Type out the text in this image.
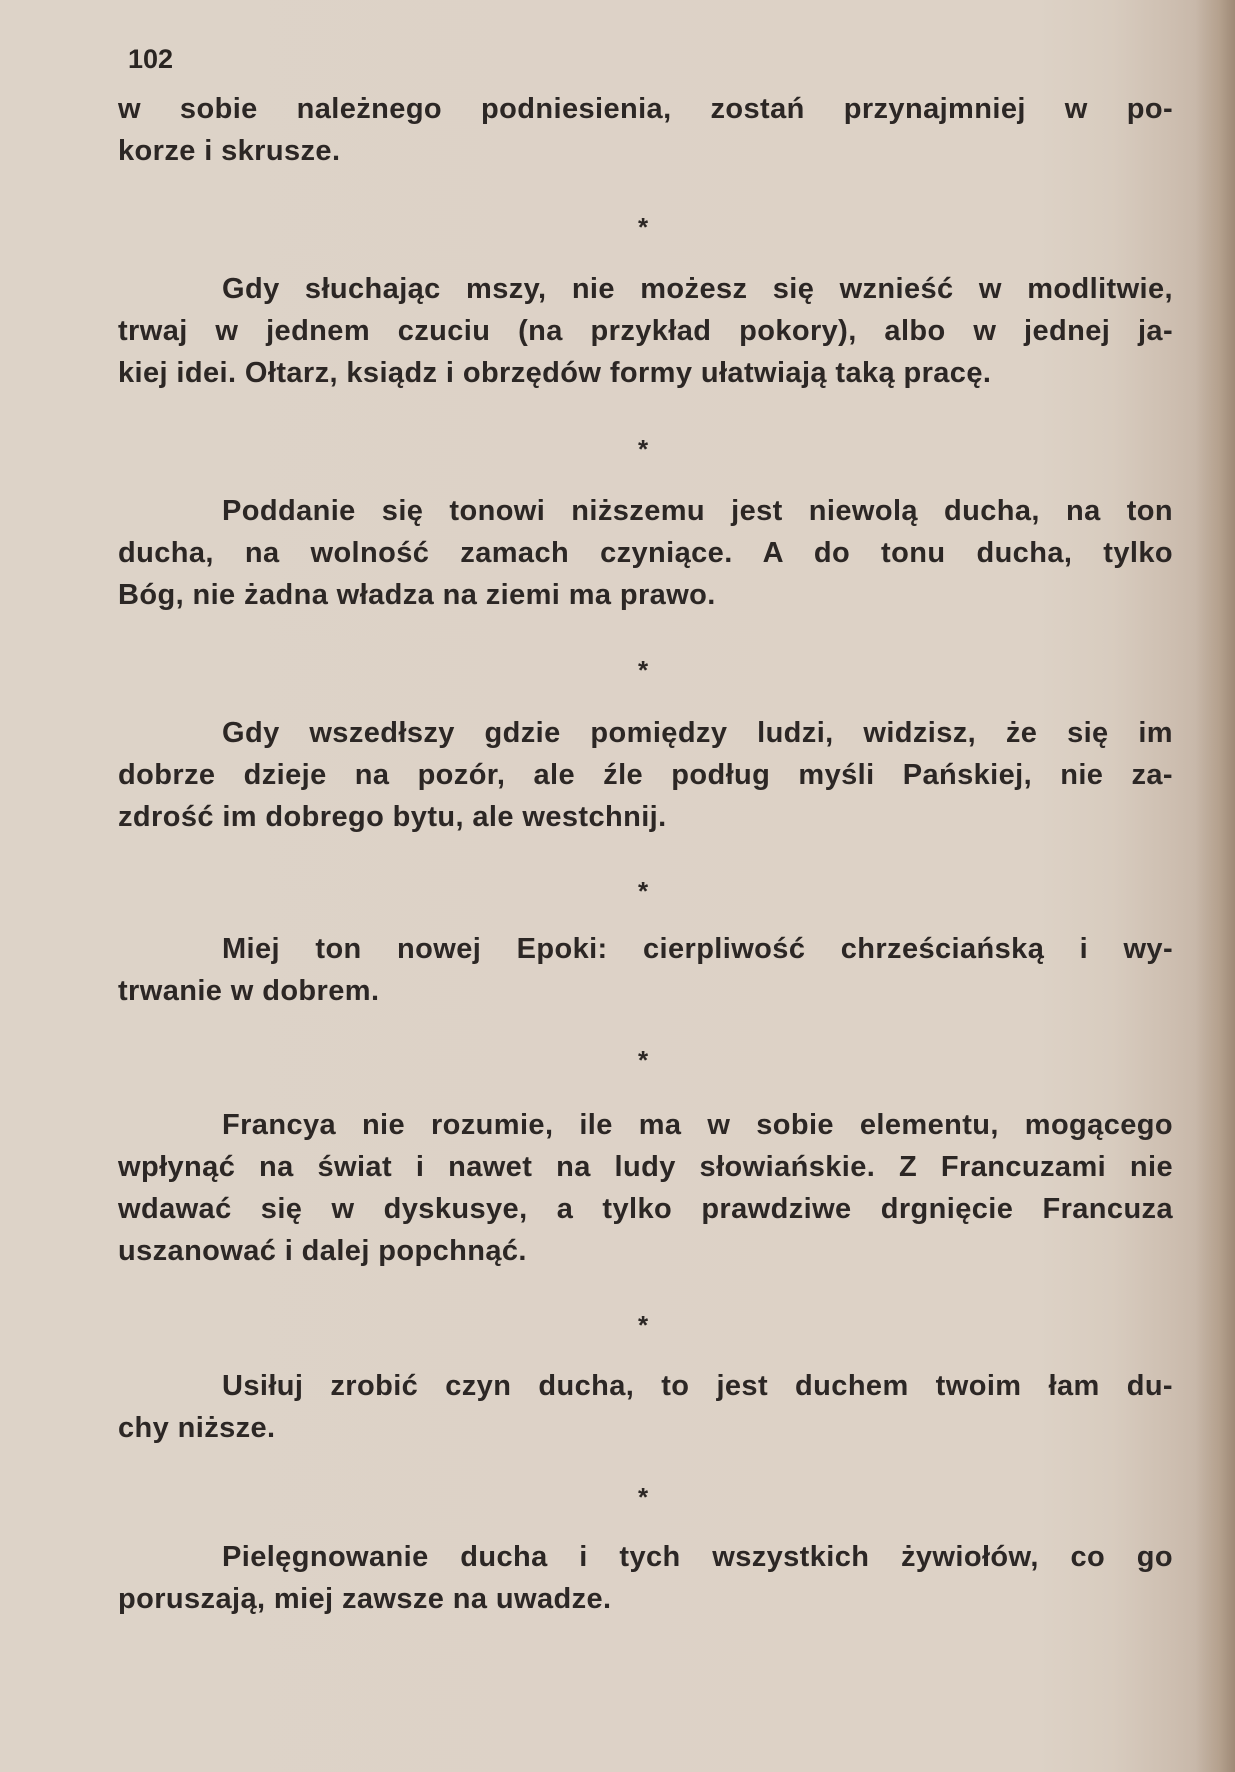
102
w sobie należnego podniesienia, zostań przynajmniej w po-
korze i skrusze.
*
Gdy słuchając mszy, nie możesz się wznieść w modlitwie,
trwaj w jednem czuciu (na przykład pokory), albo w jednej ja-
kiej idei. Ołtarz, ksiądz i obrzędów formy ułatwiają taką pracę.
*
Poddanie się tonowi niższemu jest niewolą ducha, na ton
ducha, na wolność zamach czyniące. A do tonu ducha, tylko
Bóg, nie żadna władza na ziemi ma prawo.
*
Gdy wszedłszy gdzie pomiędzy ludzi, widzisz, że się im
dobrze dzieje na pozór, ale źle podług myśli Pańskiej, nie za-
zdrość im dobrego bytu, ale westchnij.
*
Miej ton nowej Epoki: cierpliwość chrześciańską i wy-
trwanie w dobrem.
*
Francya nie rozumie, ile ma w sobie elementu, mogącego
wpłynąć na świat i nawet na ludy słowiańskie. Z Francuzami nie
wdawać się w dyskusye, a tylko prawdziwe drgnięcie Francuza
uszanować i dalej popchnąć.
*
Usiłuj zrobić czyn ducha, to jest duchem twoim łam du-
chy niższe.
*
Pielęgnowanie ducha i tych wszystkich żywiołów, co go
poruszają, miej zawsze na uwadze.
